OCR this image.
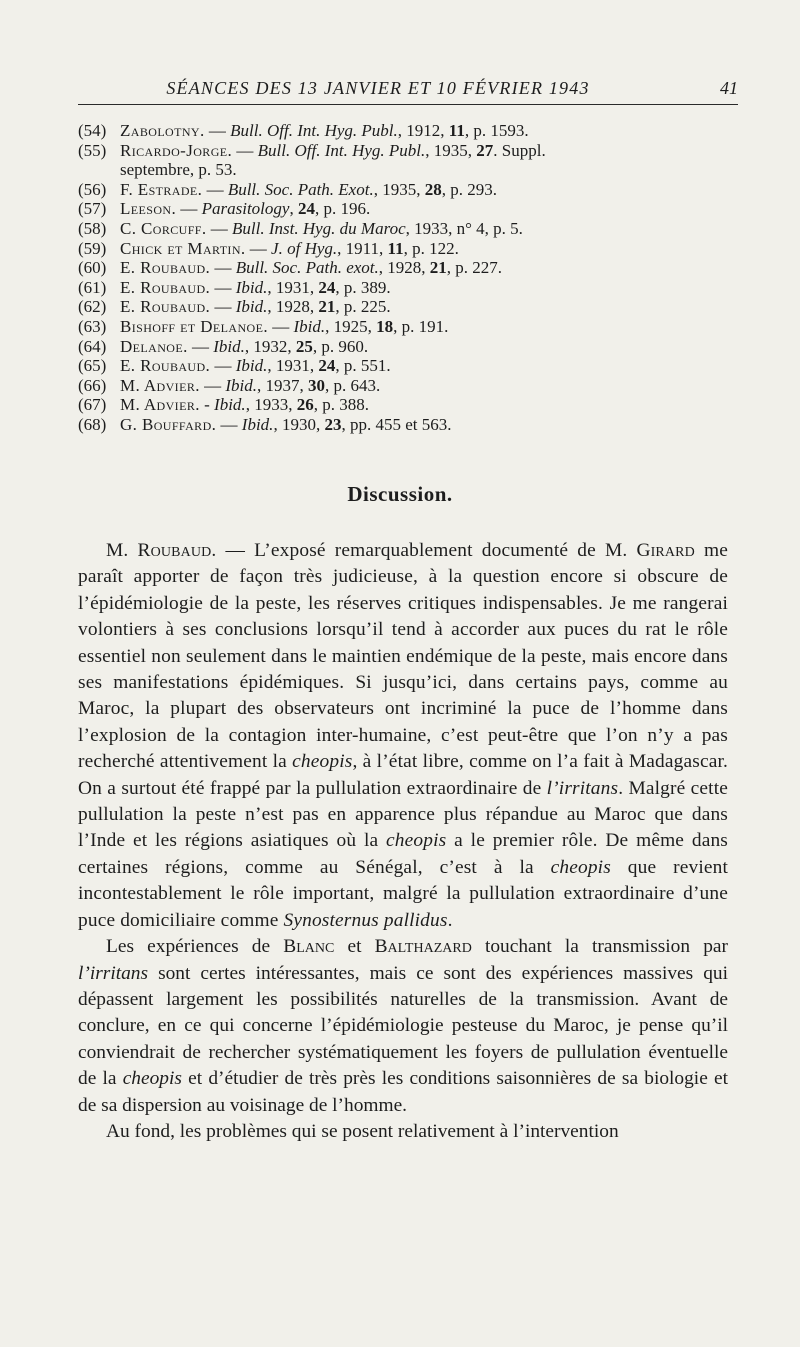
SÉANCES DES 13 JANVIER ET 10 FÉVRIER 1943	41
(54) Zabolotny. — Bull. Off. Int. Hyg. Publ., 1912, 11, p. 1593.
(55) Ricardo-Jorge. — Bull. Off. Int. Hyg. Publ., 1935, 27. Suppl.
septembre, p. 53.
(56) F. Estrade. — Bull. Soc. Path. Exot., 1935, 28, p. 293.
(57) Leeson. — Parasitology, 24, p. 196.
(58) C. Corcuff. — Bull. Inst. Hyg. du Maroc, 1933, n° 4, p. 5.
(59) Chick et Martin. — J. of Hyg., 1911, 11, p. 122.
(60) E. Roubaud. — Bull. Soc. Path. exot., 1928, 21, p. 227.
(61) E. Roubaud. — Ibid., 1931, 24, p. 389.
(62) E. Roubaud. — Ibid., 1928, 21, p. 225.
(63) Bishoff et Delanoe. — Ibid., 1925, 18, p. 191.
(64) Delanoe. — Ibid., 1932, 25, p. 960.
(65) E. Roubaud. — Ibid., 1931, 24, p. 551.
(66) M. Advier. — Ibid., 1937, 30, p. 643.
(67) M. Advier. - Ibid., 1933, 26, p. 388.
(68) G. Bouffard. — Ibid., 1930, 23, pp. 455 et 563.
Discussion.

M. Roubaud. — L’exposé remarquablement documenté de M. Girard me paraît apporter de façon très judicieuse, à la question encore si obscure de l’épidémiologie de la peste, les réserves critiques indispensables. Je me rangerai volontiers à ses conclusions lorsqu’il tend à accorder aux puces du rat le rôle essentiel non seulement dans le maintien endémique de la peste, mais encore dans ses manifestations épidémiques. Si jusqu’ici, dans certains pays, comme au Maroc, la plupart des observateurs ont incriminé la puce de l’homme dans l’explosion de la contagion inter-humaine, c’est peut-être que l’on n’y a pas recherché attentivement la cheopis, à l’état libre, comme on l’a fait à Madagascar. On a surtout été frappé par la pullulation extraordinaire de l’irritans. Malgré cette pullulation la peste n’est pas en apparence plus répandue au Maroc que dans l’Inde et les régions asiatiques où la cheopis a le premier rôle. De même dans certaines régions, comme au Sénégal, c’est à la cheopis que revient incontestablement le rôle important, malgré la pullulation extraordinaire d’une puce domiciliaire comme Synosternus pallidus.

Les expériences de Blanc et Balthazard touchant la transmission par l’irritans sont certes intéressantes, mais ce sont des expériences massives qui dépassent largement les possibilités naturelles de la transmission. Avant de conclure, en ce qui concerne l’épidémiologie pesteuse du Maroc, je pense qu’il conviendrait de rechercher systématiquement les foyers de pullulation éventuelle de la cheopis et d’étudier de très près les conditions saisonnières de sa biologie et de sa dispersion au voisinage de l’homme.

Au fond, les problèmes qui se posent relativement à l’intervention
